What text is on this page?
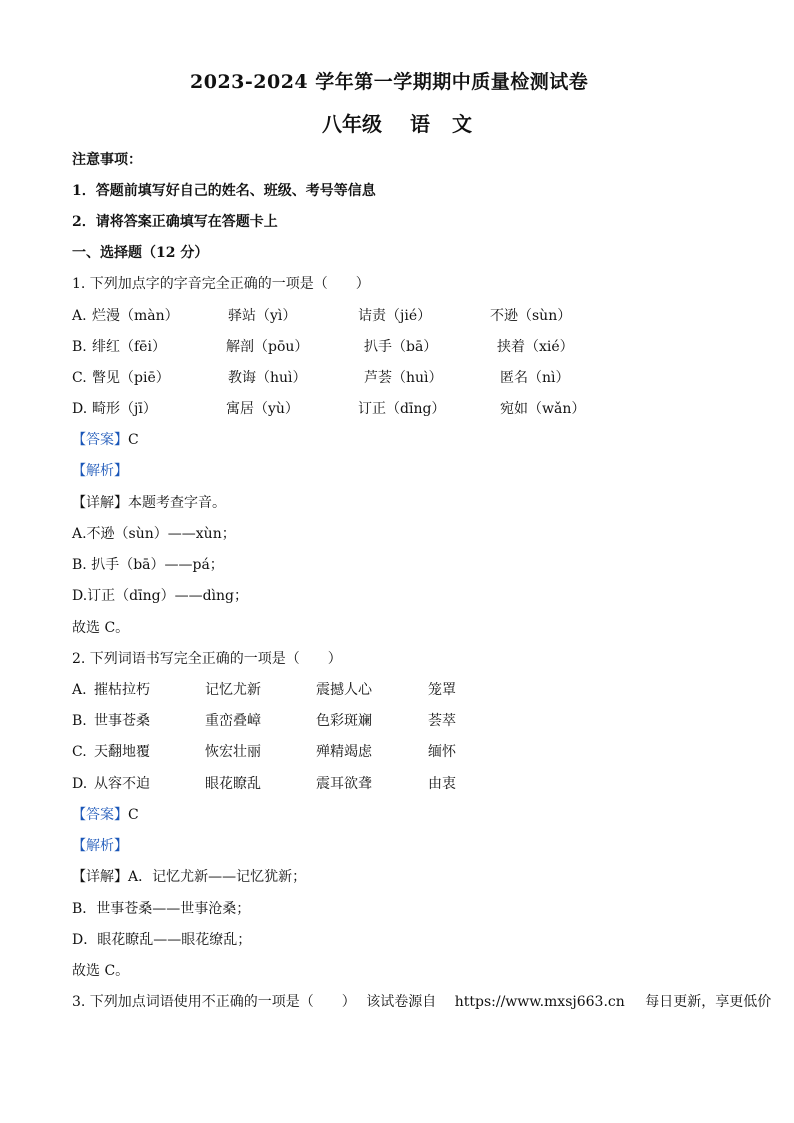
2023-2024 学年第一学期期中质量检测试卷
八年级 语 文
注意事项：
1．答题前填写好自己的姓名、班级、考号等信息
2．请将答案正确填写在答题卡上
一、选择题（12 分）
1. 下列加点字的字音完全正确的一项是（　　）
A. 烂漫（màn）	驿站（yì）	诘责（jié）	不逊（sùn）
B. 绯红（fēi）	解剖（pōu）	扒手（bā）	挟着（xié）
C. 瞥见（piē）	教诲（huì）	芦荟（huì）	匿名（nì）
D. 畸形（jī）	寓居（yù）	订正（dīng）	宛如（wǎn）
【答案】C
【解析】
【详解】本题考查字音。
A.不逊（sùn）——xùn；
B. 扒手（bā）——pá；
D.订正（dīng）——dìng；
故选 C。
2. 下列词语书写完全正确的一项是（　　）
A. 摧枯拉朽	记忆尤新	震撼人心	笼罩
B. 世事苍桑	重峦叠嶂	色彩斑斓	荟萃
C. 天翻地覆	恢宏壮丽	殚精竭虑	缅怀
D. 从容不迫	眼花瞭乱	震耳欲聋	由衷
【答案】C
【解析】
【详解】A．记忆尤新——记忆犹新；
B．世事苍桑——世事沧桑；
D．眼花瞭乱——眼花缭乱；
故选 C。
3. 下列加点词语使用不正确的一项是（　　） 该试卷源自 https://www.mxsj663.cn 每日更新，享更低价
